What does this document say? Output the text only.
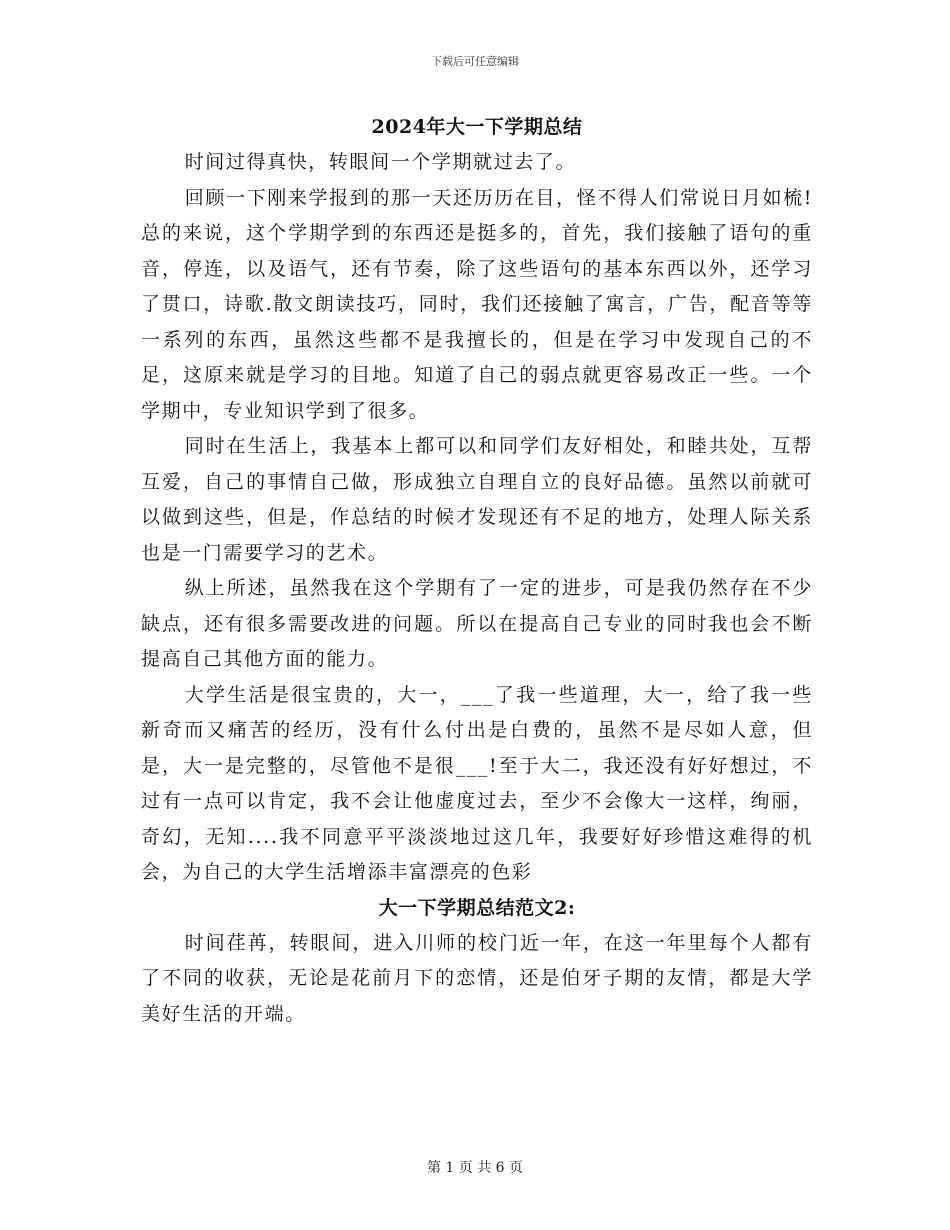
下载后可任意编辑
2024年大一下学期总结

时间过得真快，转眼间一个学期就过去了。

回顾一下刚来学报到的那一天还历历在目，怪不得人们常说日月如梳!总的来说，这个学期学到的东西还是挺多的，首先，我们接触了语句的重音，停连，以及语气，还有节奏，除了这些语句的基本东西以外，还学习了贯口，诗歌.散文朗读技巧，同时，我们还接触了寓言，广告，配音等等一系列的东西，虽然这些都不是我擅长的，但是在学习中发现自己的不足，这原来就是学习的目地。知道了自己的弱点就更容易改正一些。一个学期中，专业知识学到了很多。

同时在生活上，我基本上都可以和同学们友好相处，和睦共处，互帮互爱，自己的事情自己做，形成独立自理自立的良好品德。虽然以前就可以做到这些，但是，作总结的时候才发现还有不足的地方，处理人际关系也是一门需要学习的艺术。

纵上所述，虽然我在这个学期有了一定的进步，可是我仍然存在不少缺点，还有很多需要改进的问题。所以在提高自己专业的同时我也会不断提高自己其他方面的能力。

大学生活是很宝贵的，大一，___了我一些道理，大一，给了我一些新奇而又痛苦的经历，没有什么付出是白费的，虽然不是尽如人意，但是，大一是完整的，尽管他不是很___!至于大二，我还没有好好想过，不过有一点可以肯定，我不会让他虚度过去，至少不会像大一这样，绚丽，奇幻，无知....我不同意平平淡淡地过这几年，我要好好珍惜这难得的机会，为自己的大学生活增添丰富漂亮的色彩

大一下学期总结范文2:

时间荏苒，转眼间，进入川师的校门近一年，在这一年里每个人都有了不同的收获，无论是花前月下的恋情，还是伯牙子期的友情，都是大学美好生活的开端。

第 1 页 共 6 页
